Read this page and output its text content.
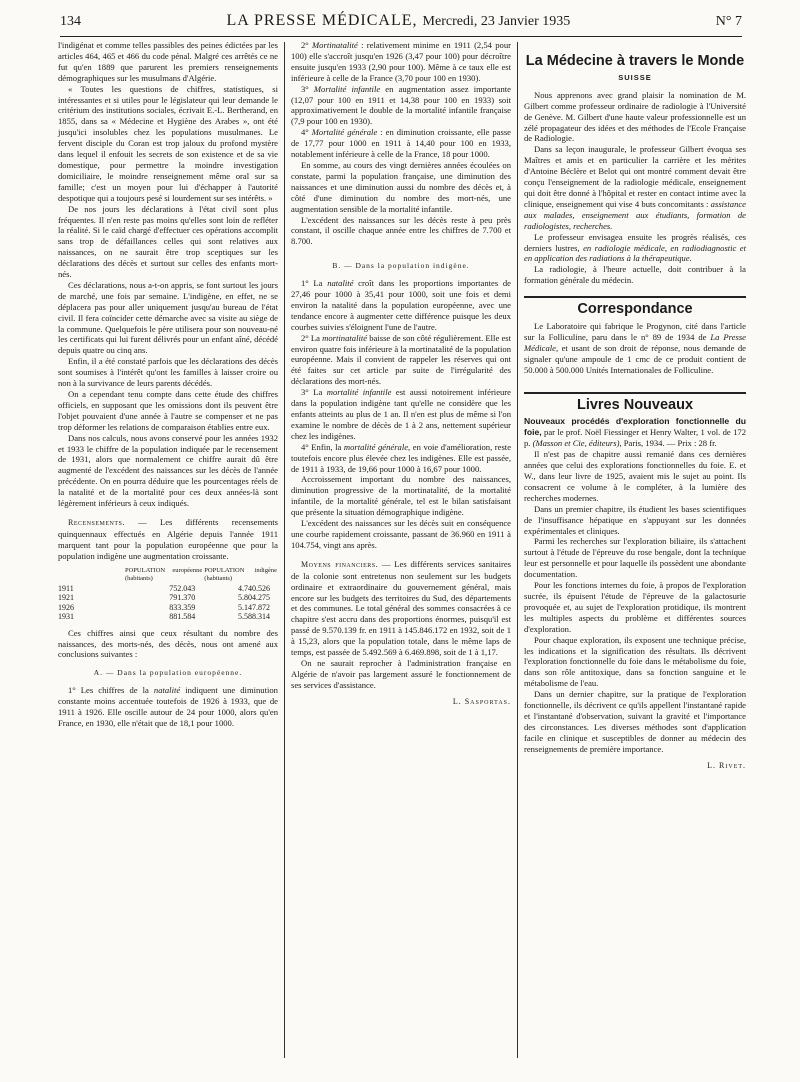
134	LA PRESSE MÉDICALE, Mercredi, 23 Janvier 1935	N° 7

l'indigénat et comme telles passibles des peines édictées par les articles 464, 465 et 466 du code pénal. Malgré ces arrêtés ce ne fut qu'en 1889 que parurent les premiers renseignements démographiques sur les musulmans d'Algérie.

« Toutes les questions de chiffres, statistiques, si intéressantes et si utiles pour le législateur qui leur demande le critérium des institutions sociales, écrivait E.-L. Bertherand, en 1855, dans sa « Médecine et Hygiène des Arabes », ont été jusqu'ici insolubles chez les populations musulmanes. Le fervent disciple du Coran est trop jaloux du profond mystère dans lequel il enfouit les secrets de son existence et de sa vie domestique, pour permettre la moindre investigation domiciliaire, le moindre renseignement même oral sur sa famille; c'est un moyen pour lui d'échapper à l'autorité despotique qui a toujours pesé si lourdement sur ses intérêts. »

De nos jours les déclarations à l'état civil sont plus fréquentes. Il n'en reste pas moins qu'elles sont loin de refléter la réalité. Si le caïd chargé d'effectuer ces opérations accomplit sans trop de défaillances celles qui sont relatives aux naissances, on ne saurait être trop sceptiques sur les déclarations des décès et surtout sur celles des enfants mort-nés.

Ces déclarations, nous a-t-on appris, se font surtout les jours de marché, une fois par semaine. L'indigène, en effet, ne se déplacera pas pour aller uniquement jusqu'au bureau de l'état civil. Il fera coïncider cette démarche avec sa visite au siège de la commune. Quelquefois le père utilisera pour son nouveau-né les certificats qui lui furent délivrés pour un enfant aîné, décédé depuis quatre ou cinq ans.

Enfin, il a été constaté parfois que les déclarations des décès sont soumises à l'intérêt qu'ont les familles à laisser croire ou non à la survivance de leurs parents décédés.

On a cependant tenu compte dans cette étude des chiffres officiels, en supposant que les omissions dont ils peuvent être l'objet pouvaient d'une année à l'autre se compenser et ne pas trop déformer les relations de comparaison établies entre eux.

Dans nos calculs, nous avons conservé pour les années 1932 et 1933 le chiffre de la population indiquée par le recensement de 1931, alors que normalement ce chiffre aurait dû être augmenté de l'excédent des naissances sur les décès de l'année précédente. On en pourra déduire que les pourcentages réels de la natalité et de la mortalité pour ces deux années-là sont légèrement inférieurs à ceux indiqués.

Recensements. — Les différents recensements quinquennaux effectués en Algérie depuis l'année 1911 marquent tant pour la population européenne que pour la population indigène une augmentation croissante.

	POPULATION européenne (habitants)	POPULATION indigène (habitants)
1911	752.043	4.740.526
1921	791.370	5.804.275
1926	833.359	5.147.872
1931	881.584	5.588.314

Ces chiffres ainsi que ceux résultant du nombre des naissances, des morts-nés, des décès, nous ont amené aux conclusions suivantes :

A. — Dans la population européenne.

1° Les chiffres de la natalité indiquent une diminution constante moins accentuée toutefois de 1926 à 1933, que de 1911 à 1926. Elle oscille autour de 24 pour 1000, alors qu'en France, en 1930, elle n'était que de 18,1 pour 1000.

2° Mortinatalité : relativement minime en 1911 (2,54 pour 100) elle s'accroît jusqu'en 1926 (3,47 pour 100) pour décroître ensuite jusqu'en 1933 (2,90 pour 100). Même à ce taux elle est inférieure à celle de la France (3,70 pour 100 en 1930).

3° Mortalité infantile en augmentation assez importante (12,07 pour 100 en 1911 et 14,38 pour 100 en 1933) soit approximativement le double de la mortalité infantile française (7,9 pour 100 en 1930).

4° Mortalité générale : en diminution croissante, elle passe de 17,77 pour 1000 en 1911 à 14,40 pour 100 en 1933, notablement inférieure à celle de la France, 18 pour 1000.

En somme, au cours des vingt dernières années écoulées on constate, parmi la population française, une diminution des naissances et une diminution aussi du nombre des décès et, à côté d'une diminution du nombre des mort-nés, une augmentation sensible de la mortalité infantile.

L'excédent des naissances sur les décès reste à peu près constant, il oscille chaque année entre les chiffres de 7.700 et 8.700.

B. — Dans la population indigène.

1° La natalité croît dans les proportions importantes de 27,46 pour 1000 à 35,41 pour 1000, soit une fois et demi environ la natalité dans la population européenne, avec une tendance encore à augmenter cette différence puisque les deux courbes suivies s'éloignent l'une de l'autre.

2° La mortinatalité baisse de son côté régulièrement. Elle est environ quatre fois inférieure à la mortinatalité de la population européenne. Mais il convient de rappeler les réserves qui ont été faites sur cet article par suite de l'irrégularité des déclarations des mort-nés.

3° La mortalité infantile est aussi notoirement inférieure dans la population indigène tant qu'elle ne considère que les enfants atteints au plus de 1 an. Il n'en est plus de même si l'on examine le nombre de décès de 1 à 2 ans, nettement supérieur chez les indigènes.

4° Enfin, la mortalité générale, en voie d'amélioration, reste toutefois encore plus élevée chez les indigènes. Elle est passée, de 1911 à 1933, de 19,66 pour 1000 à 16,67 pour 1000.

Accroissement important du nombre des naissances, diminution progressive de la mortinatalité, de la mortalité infantile, de la mortalité générale, tel est le bilan satisfaisant que présente la situation démographique indigène.

L'excédent des naissances sur les décès suit en conséquence une courbe rapidement croissante, passant de 36.960 en 1911 à 104.754, vingt ans après.

Moyens financiers. — Les différents services sanitaires de la colonie sont entretenus non seulement sur les budgets ordinaire et extraordinaire du gouvernement général, mais encore sur les budgets des territoires du Sud, des départements et des communes. Le total général des sommes consacrées à ce chapitre s'est accru dans des proportions énormes, puisqu'il est passé de 9.570.139 fr. en 1911 à 145.846.172 en 1932, soit de 1 à 15,23, alors que la population totale, dans le même laps de temps, est passée de 5.492.569 à 6.469.898, soit de 1 à 1,17.

On ne saurait reprocher à l'administration française en Algérie de n'avoir pas largement assuré le fonctionnement de ses services d'assistance.

L. Sasportas.
La Médecine à travers le Monde
SUISSE

Nous apprenons avec grand plaisir la nomination de M. Gilbert comme professeur ordinaire de radiologie à l'Université de Genève. M. Gilbert d'une haute valeur professionnelle est un zélé propagateur des idées et des méthodes de l'Ecole Française de Radiologie.

Dans sa leçon inaugurale, le professeur Gilbert évoqua ses Maîtres et amis et en particulier la carrière et les mérites d'Antoine Béclère et Belot qui ont montré comment devait être conçu l'enseignement de la radiologie médicale, enseignement qui doit être donné à l'hôpital et rester en contact intime avec la clinique, enseignement qui vise 4 buts concomitants : assistance aux malades, enseignement aux étudiants, formation de radiologistes, recherches.

Le professeur envisagea ensuite les progrès réalisés, ces derniers lustres, en radiologie médicale, en radiodiagnostic et en application des radiations à la thérapeutique.

La radiologie, à l'heure actuelle, doit contribuer à la formation générale du médecin.

Correspondance

Le Laboratoire qui fabrique le Progynon, cité dans l'article sur la Folliculine, paru dans le n° 89 de 1934 de La Presse Médicale, et usant de son droit de réponse, nous demande de signaler qu'une ampoule de 1 cmc de ce produit contient de 50.000 à 500.000 Unités Internationales de Folliculine.

Livres Nouveaux

Nouveaux procédés d'exploration fonctionnelle du foie, par le prof. Noël Fiessinger et Henry Walter, 1 vol. de 172 p. (Masson et Cie, éditeurs), Paris, 1934. — Prix : 28 fr.

Il n'est pas de chapitre aussi remanié dans ces dernières années que celui des explorations fonctionnelles du foie. E. et W., dans leur livre de 1925, avaient mis le sujet au point. Ils consacrent ce volume à le compléter, à la lumière des recherches modernes.

Dans un premier chapitre, ils étudient les bases scientifiques de l'insuffisance hépatique en s'appuyant sur les données expérimentales et cliniques.

Parmi les recherches sur l'exploration biliaire, ils s'attachent surtout à l'étude de l'épreuve du rose bengale, dont la technique leur est personnelle et pour laquelle ils possèdent une abondante documentation.

Pour les fonctions internes du foie, à propos de l'exploration sucrée, ils épuisent l'étude de l'épreuve de la galactosurie provoquée et, au sujet de l'exploration protidique, ils montrent les multiples aspects du problème et différentes sources d'exploration.

Pour chaque exploration, ils exposent une technique précise, les indications et la signification des résultats. Ils décrivent l'exploration fonctionnelle du foie dans le métabolisme du foie, dans son rôle antitoxique, dans sa fonction sanguine et le métabolisme de l'eau.

Dans un dernier chapitre, sur la pratique de l'exploration fonctionnelle, ils décrivent ce qu'ils appellent l'instantané rapide et l'instantané d'observation, suivant la gravité et l'importance des circonstances. Les diverses méthodes sont d'application facile en clinique et susceptibles de donner au médecin des renseignements de première importance.

L. Rivet.
